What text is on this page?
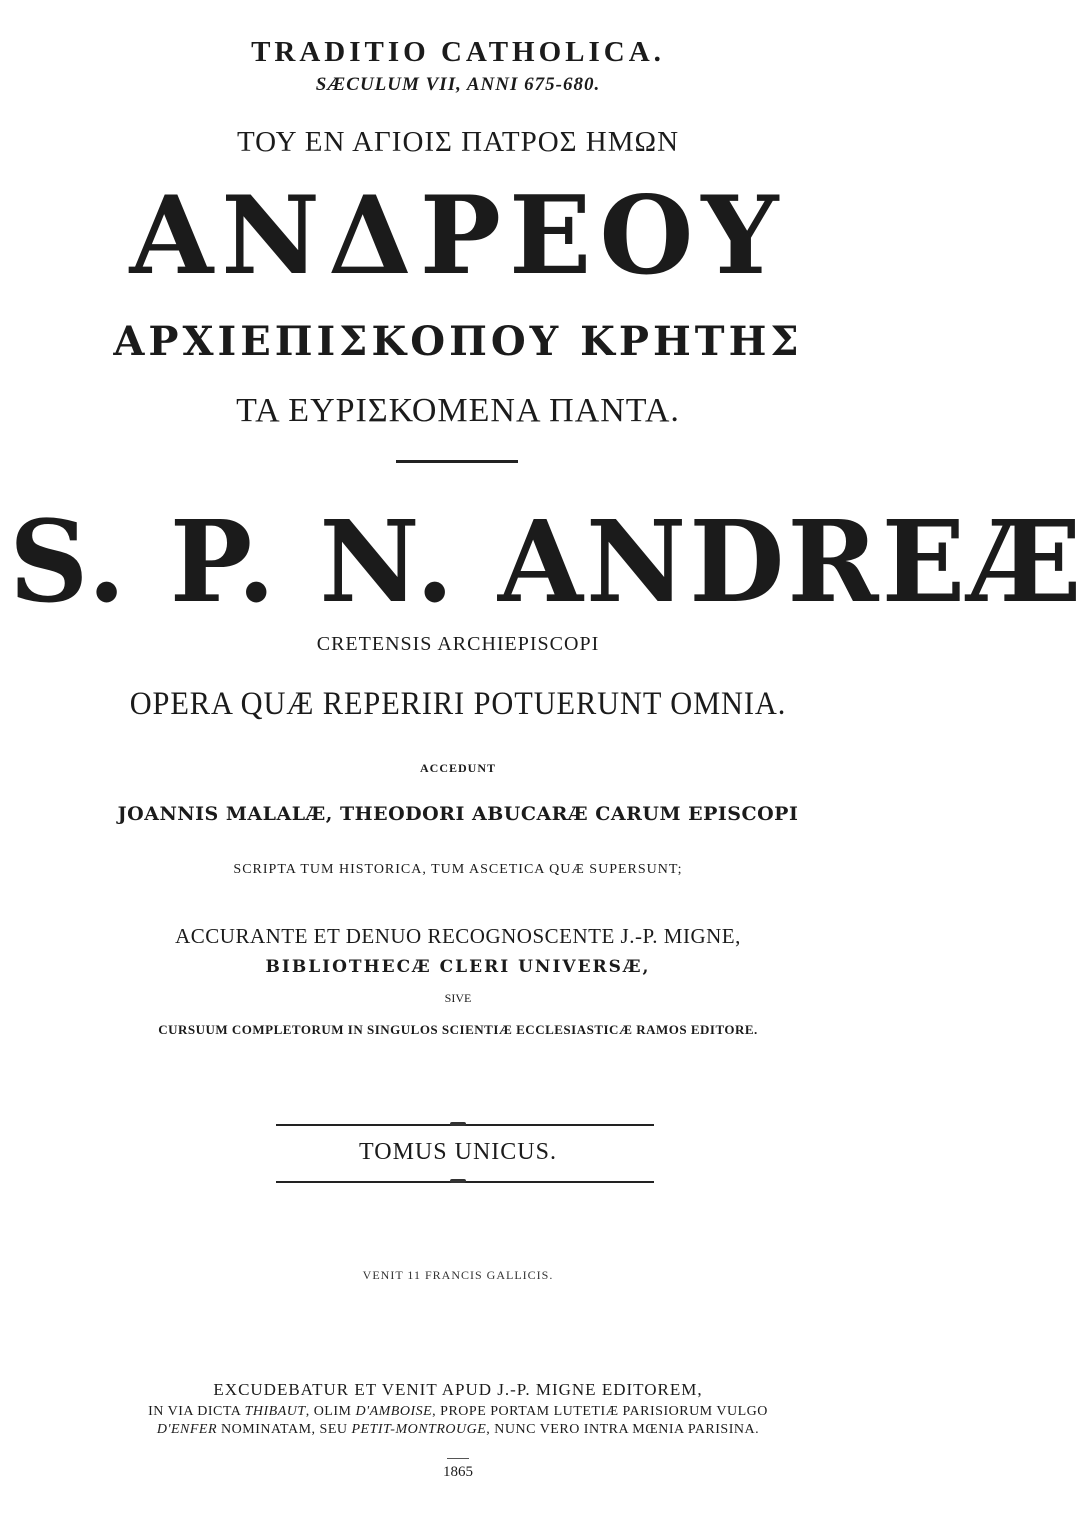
TRADITIO CATHOLICA.
SÆCULUM VII, ANNI 675-680.
ΤΟΥ ΕΝ ΑΓΙΟΙΣ ΠΑΤΡΟΣ ΗΜΩΝ
ΑΝΔΡΕΟΥ
ΑΡΧΙΕΠΙΣΚΟΠΟΥ ΚΡΗΤΗΣ
ΤΑ ΕΥΡΙΣΚΟΜΕΝΑ ΠΑΝΤΑ.
S. P. N. ANDREÆ
CRETENSIS ARCHIEPISCOPI
OPERA QUÆ REPERIRI POTUERUNT OMNIA.
ACCEDUNT
JOANNIS MALALÆ, THEODORI ABUCARÆ CARUM EPISCOPI
SCRIPTA TUM HISTORICA, TUM ASCETICA QUÆ SUPERSUNT;
ACCURANTE ET DENUO RECOGNOSCENTE J.-P. MIGNE,
BIBLIOTHECÆ CLERI UNIVERSÆ,
SIVE
CURSUUM COMPLETORUM IN SINGULOS SCIENTIÆ ECCLESIASTICÆ RAMOS EDITORE.
TOMUS UNICUS.
VENIT 11 FRANCIS GALLICIS.
EXCUDEBATUR ET VENIT APUD J.-P. MIGNE EDITOREM,
IN VIA DICTA THIBAUT, OLIM D'AMBOISE, PROPE PORTAM LUTETIÆ PARISIORUM VULGO
D'ENFER NOMINATAM, SEU PETIT-MONTROUGE, NUNC VERO INTRA MŒNIA PARISINA.
1865
